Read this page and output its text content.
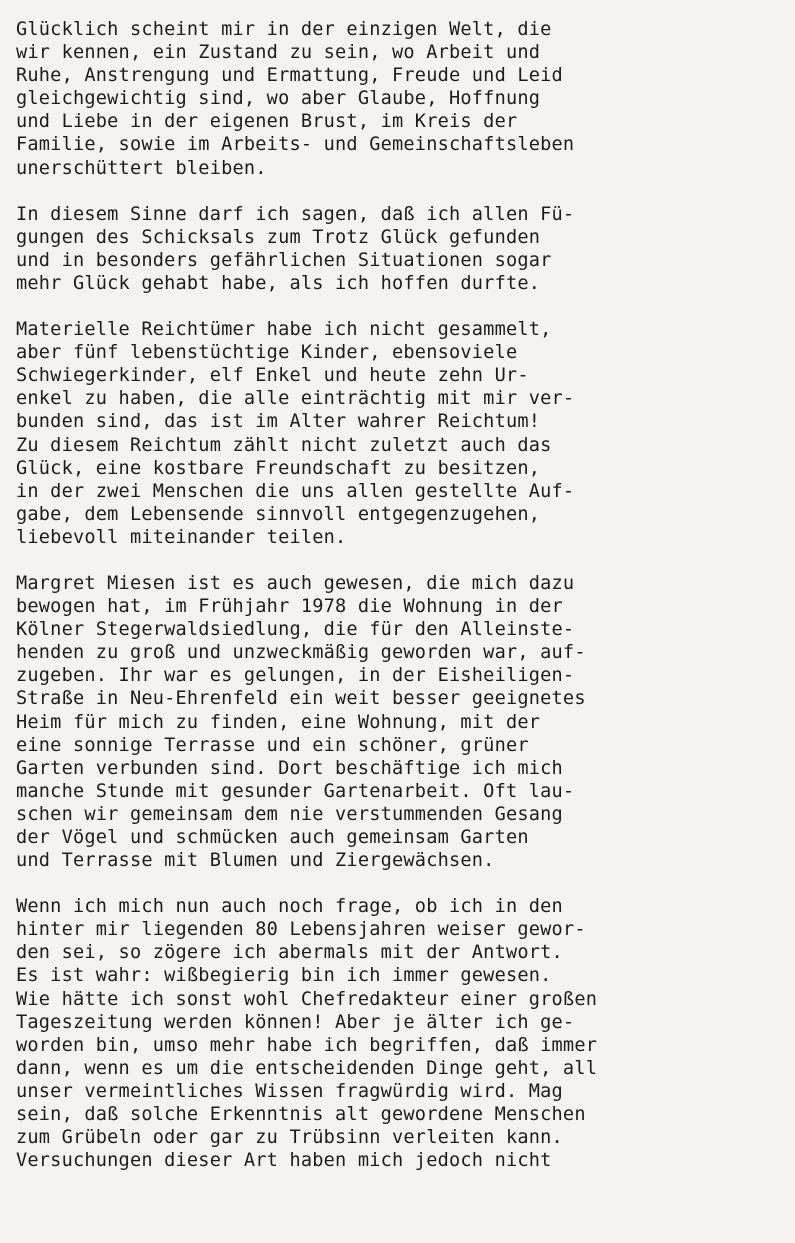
Glücklich scheint mir in der einzigen Welt, die
wir kennen, ein Zustand zu sein, wo Arbeit und
Ruhe, Anstrengung und Ermattung, Freude und Leid
gleichgewichtig sind, wo aber Glaube, Hoffnung
und Liebe in der eigenen Brust, im Kreis der
Familie, sowie im Arbeits- und Gemeinschaftsleben
unerschüttert bleiben.

In diesem Sinne darf ich sagen, daß ich allen Fü-
gungen des Schicksals zum Trotz Glück gefunden
und in besonders gefährlichen Situationen sogar
mehr Glück gehabt habe, als ich hoffen durfte.

Materielle Reichtümer habe ich nicht gesammelt,
aber fünf lebenstüchtige Kinder, ebensoviele
Schwiegerkinder, elf Enkel und heute zehn Ur-
enkel zu haben, die alle einträchtig mit mir ver-
bunden sind, das ist im Alter wahrer Reichtum!
Zu diesem Reichtum zählt nicht zuletzt auch das
Glück, eine kostbare Freundschaft zu besitzen,
in der zwei Menschen die uns allen gestellte Auf-
gabe, dem Lebensende sinnvoll entgegenzugehen,
liebevoll miteinander teilen.

Margret Miesen ist es auch gewesen, die mich dazu
bewogen hat, im Frühjahr 1978 die Wohnung in der
Kölner Stegerwaldsiedlung, die für den Alleinste-
henden zu groß und unzweckmäßig geworden war, auf-
zugeben. Ihr war es gelungen, in der Eisheiligen-
Straße in Neu-Ehrenfeld ein weit besser geeignetes
Heim für mich zu finden, eine Wohnung, mit der
eine sonnige Terrasse und ein schöner, grüner
Garten verbunden sind. Dort beschäftige ich mich
manche Stunde mit gesunder Gartenarbeit. Oft lau-
schen wir gemeinsam dem nie verstummenden Gesang
der Vögel und schmücken auch gemeinsam Garten
und Terrasse mit Blumen und Ziergewächsen.

Wenn ich mich nun auch noch frage, ob ich in den
hinter mir liegenden 80 Lebensjahren weiser gewor-
den sei, so zögere ich abermals mit der Antwort.
Es ist wahr: wißbegierig bin ich immer gewesen.
Wie hätte ich sonst wohl Chefredakteur einer großen
Tageszeitung werden können! Aber je älter ich ge-
worden bin, umso mehr habe ich begriffen, daß immer
dann, wenn es um die entscheidenden Dinge geht, all
unser vermeintliches Wissen fragwürdig wird. Mag
sein, daß solche Erkenntnis alt gewordene Menschen
zum Grübeln oder gar zu Trübsinn verleiten kann.
Versuchungen dieser Art haben mich jedoch nicht
